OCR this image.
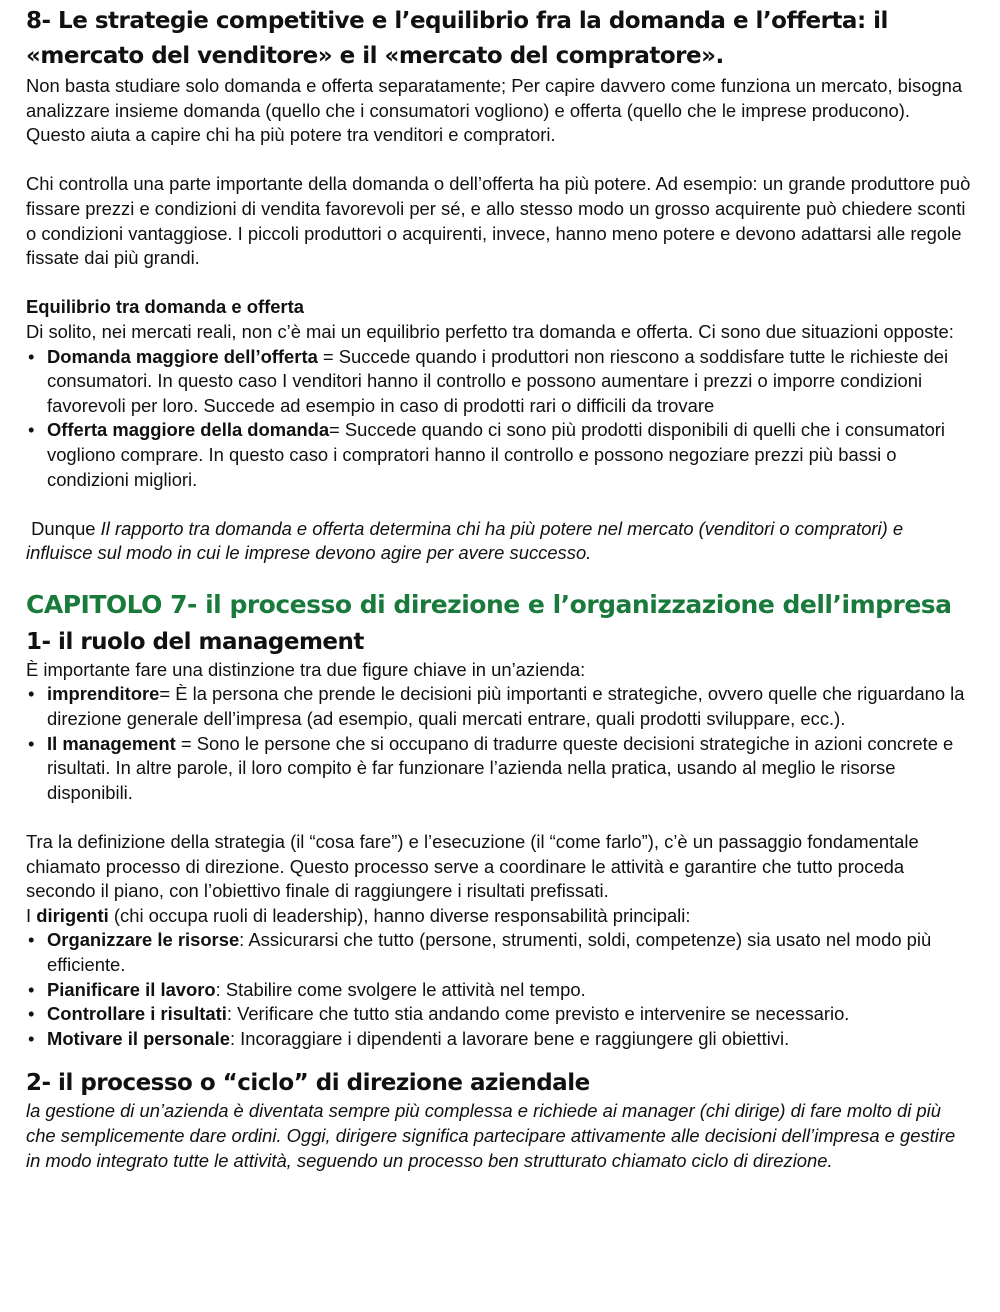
8- Le strategie competitive e l’equilibrio fra la domanda e l’offerta: il «mercato del venditore» e il «mercato del compratore».

Non basta studiare solo domanda e offerta separatamente; Per capire davvero come funziona un mercato, bisogna analizzare insieme domanda (quello che i consumatori vogliono) e offerta (quello che le imprese producono). Questo aiuta a capire chi ha più potere tra venditori e compratori.

Chi controlla una parte importante della domanda o dell’offerta ha più potere. Ad esempio: un grande produttore può fissare prezzi e condizioni di vendita favorevoli per sé, e allo stesso modo un grosso acquirente può chiedere sconti o condizioni vantaggiose. I piccoli produttori o acquirenti, invece, hanno meno potere e devono adattarsi alle regole fissate dai più grandi.

Equilibrio tra domanda e offerta

Di solito, nei mercati reali, non c’è mai un equilibrio perfetto tra domanda e offerta. Ci sono due situazioni opposte:

• Domanda maggiore dell’offerta = Succede quando i produttori non riescono a soddisfare tutte le richieste dei consumatori. In questo caso I venditori hanno il controllo e possono aumentare i prezzi o imporre condizioni favorevoli per loro. Succede ad esempio in caso di prodotti rari o difficili da trovare
• Offerta maggiore della domanda= Succede quando ci sono più prodotti disponibili di quelli che i consumatori vogliono comprare. In questo caso i compratori hanno il controllo e possono negoziare prezzi più bassi o condizioni migliori.

Dunque Il rapporto tra domanda e offerta determina chi ha più potere nel mercato (venditori o compratori) e influisce sul modo in cui le imprese devono agire per avere successo.

CAPITOLO 7- il processo di direzione e l’organizzazione dell’impresa
1- il ruolo del management

È importante fare una distinzione tra due figure chiave in un’azienda:

• imprenditore= È la persona che prende le decisioni più importanti e strategiche, ovvero quelle che riguardano la direzione generale dell’impresa (ad esempio, quali mercati entrare, quali prodotti sviluppare, ecc.).
• Il management = Sono le persone che si occupano di tradurre queste decisioni strategiche in azioni concrete e risultati. In altre parole, il loro compito è far funzionare l’azienda nella pratica, usando al meglio le risorse disponibili.

Tra la definizione della strategia (il “cosa fare”) e l’esecuzione (il “come farlo”), c’è un passaggio fondamentale chiamato processo di direzione. Questo processo serve a coordinare le attività e garantire che tutto proceda secondo il piano, con l’obiettivo finale di raggiungere i risultati prefissati.

I dirigenti (chi occupa ruoli di leadership), hanno diverse responsabilità principali:

• Organizzare le risorse: Assicurarsi che tutto (persone, strumenti, soldi, competenze) sia usato nel modo più efficiente.
• Pianificare il lavoro: Stabilire come svolgere le attività nel tempo.
• Controllare i risultati: Verificare che tutto stia andando come previsto e intervenire se necessario.
• Motivare il personale: Incoraggiare i dipendenti a lavorare bene e raggiungere gli obiettivi.
2- il processo o “ciclo” di direzione aziendale

la gestione di un’azienda è diventata sempre più complessa e richiede ai manager (chi dirige) di fare molto di più che semplicemente dare ordini. Oggi, dirigere significa partecipare attivamente alle decisioni dell’impresa e gestire in modo integrato tutte le attività, seguendo un processo ben strutturato chiamato ciclo di direzione.
